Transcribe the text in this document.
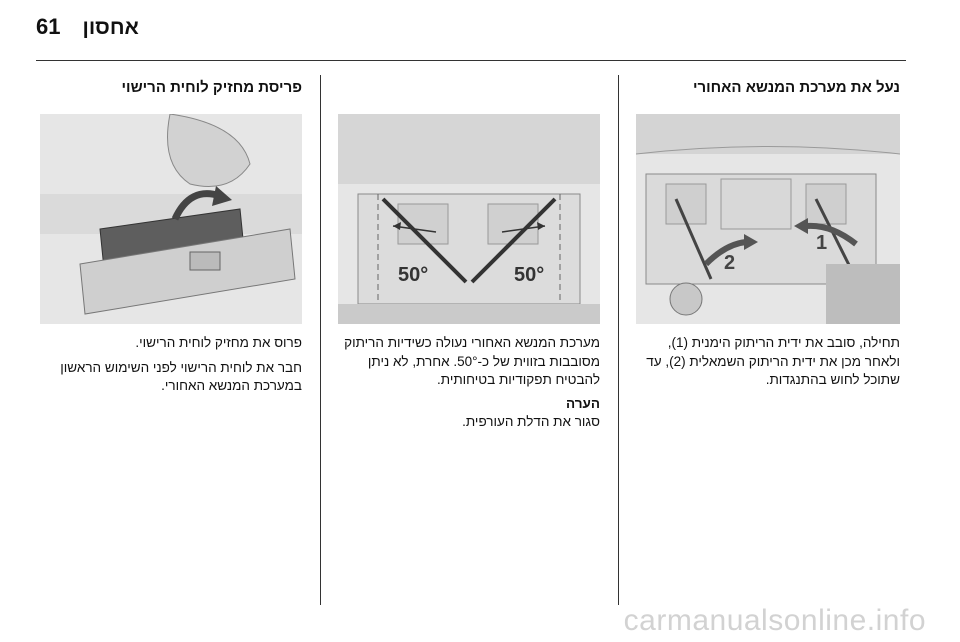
61 אחסון
נעל את מערכת המנשא האחורי
2
1

תחילה, סובב את ידית הריתוק הימנית (1), ולאחר מכן את ידית הריתוק השמאלית (2), עד שתוכל לחוש בהתנגדות.

50°	50°

מערכת המנשא האחורי נעולה כשידיות הריתוק מסובבות בזווית של כ-50°. אחרת, לא ניתן להבטיח תפקודיות בטיחותית.

הערה

סגור את הדלת העורפית.

פריסת מחזיק לוחית הרישוי

פרוס את מחזיק לוחית הרישוי.

חבר את לוחית הרישוי לפני השימוש הראשון במערכת המנשא האחורי.

carmanualsonline.info
